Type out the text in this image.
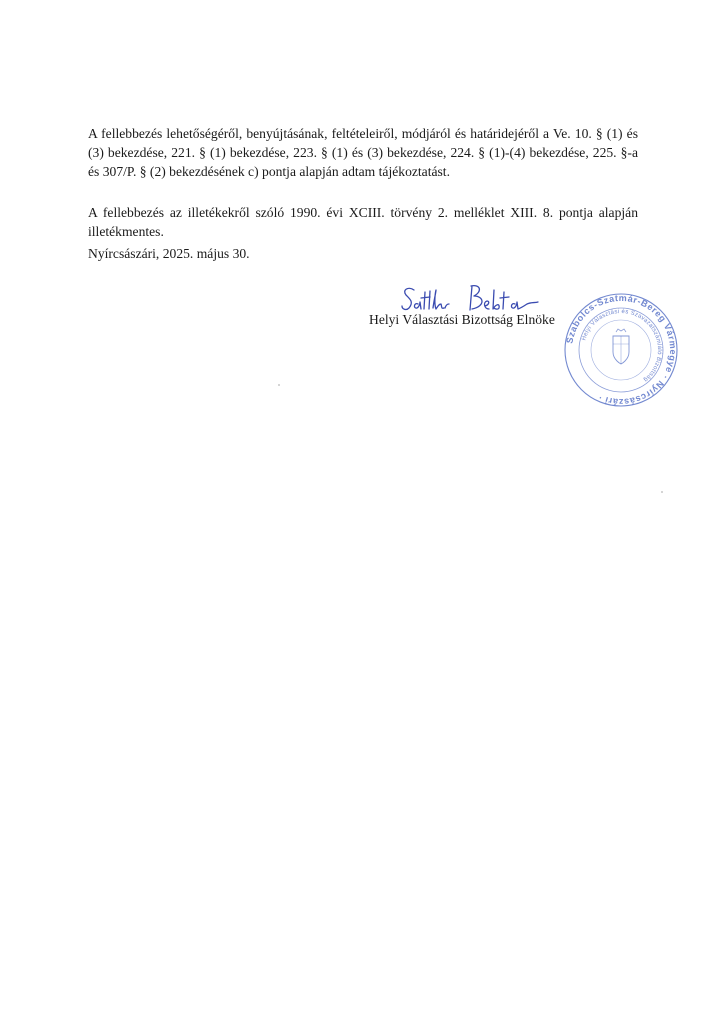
A fellebbezés lehetőségéről, benyújtásának, feltételeiről, módjáról és határidejéről a Ve. 10. § (1) és (3) bekezdése, 221. § (1) bekezdése, 223. § (1) és (3) bekezdése, 224. § (1)-(4) bekezdése, 225. §-a és 307/P. § (2) bekezdésének c) pontja alapján adtam tájékoztatást.

A fellebbezés az illetékekről szóló 1990. évi XCIII. törvény 2. melléklet XIII. 8. pontja alapján illetékmentes.

Nyírcsászári, 2025. május 30.

Helyi Választási Bizottság Elnöke
Szabolcs-Szatmár-Bereg Vármegye · Nyírcsászári ·
Helyi Választási és Szavazatszámláló Bizottság
